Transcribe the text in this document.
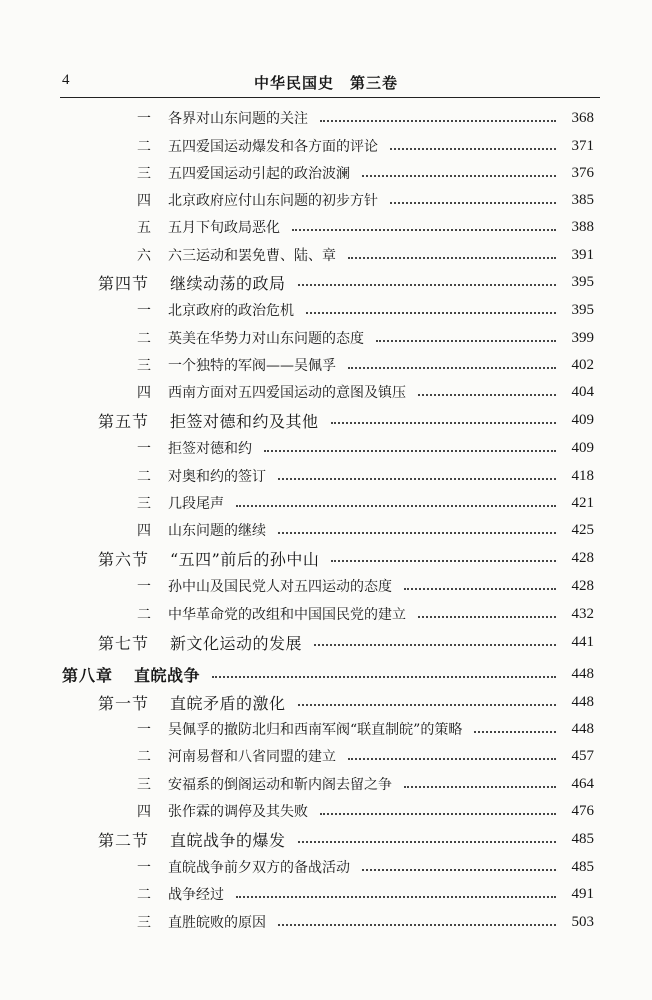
4	中华民国史　第三卷
一 各界对山东问题的关注	368
二 五四爱国运动爆发和各方面的评论	371
三 五四爱国运动引起的政治波澜	376
四 北京政府应付山东问题的初步方针	385
五 五月下旬政局恶化	388
六 六三运动和罢免曹、陆、章	391
第四节	继续动荡的政局	395
一 北京政府的政治危机	395
二 英美在华势力对山东问题的态度	399
三 一个独特的军阀——吴佩孚	402
四 西南方面对五四爱国运动的意图及镇压	404
第五节	拒签对德和约及其他	409
一 拒签对德和约	409
二 对奥和约的签订	418
三 几段尾声	421
四 山东问题的继续	425
第六节	“五四”前后的孙中山	428
一 孙中山及国民党人对五四运动的态度	428
二 中华革命党的改组和中国国民党的建立	432
第七节	新文化运动的发展	441
第八章	直皖战争	448
第一节	直皖矛盾的激化	448
一 吴佩孚的撤防北归和西南军阀“联直制皖”的策略	448
二 河南易督和八省同盟的建立	457
三 安福系的倒阁运动和靳内阁去留之争	464
四 张作霖的调停及其失败	476
第二节	直皖战争的爆发	485
一 直皖战争前夕双方的备战活动	485
二 战争经过	491
三 直胜皖败的原因	503
